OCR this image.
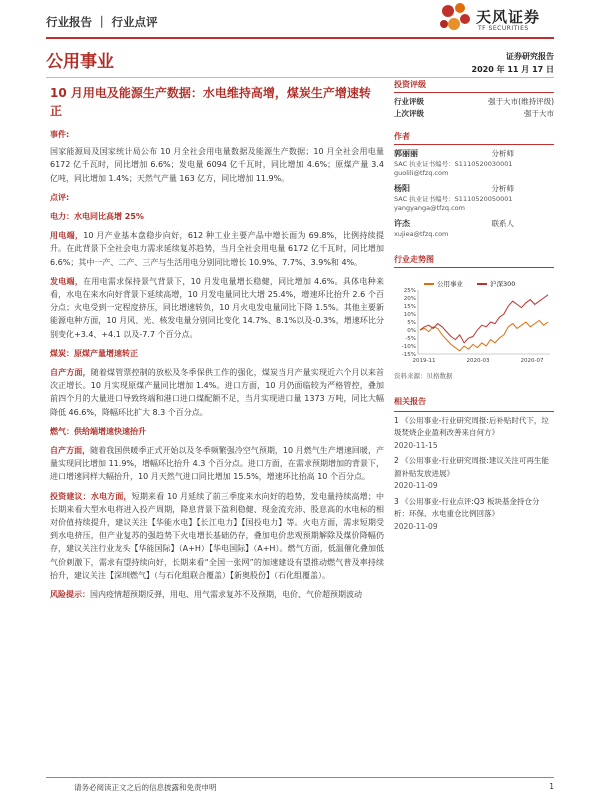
行业报告 ｜ 行业点评	天风证券
TF SECURITIES
公用事业	证券研究报告
2020 年 11 月 17 日
10 月用电及能源生产数据：水电维持高增，煤炭生产增速转正
事件:
国家能源局及国家统计局公布 10 月全社会用电量数据及能源生产数据；10 月全社会用电量 6172 亿千瓦时，同比增加 6.6%；发电量 6094 亿千瓦时，同比增加 4.6%；原煤产量 3.4 亿吨，同比增加 1.4%；天然气产量 163 亿方，同比增加 11.9%。
点评:
电力：水电同比高增 25%
用电端，10 月产业基本盘稳步向好，612 种工业主要产品中增长面为 69.8%，比例持续提升。在此背景下全社会电力需求延续复苏趋势，当月全社会用电量 6172 亿千瓦时，同比增加 6.6%；其中一产、二产、三产与生活用电分别同比增长 10.9%、7.7%、3.9%和 4%。
发电端，在用电需求保持景气背景下，10 月发电量增长稳健，同比增加 4.6%。具体电种来看，水电在来水向好背景下延续高增，10 月发电量同比大增 25.4%，增速环比抬升 2.6 个百分点；火电受到一定程度挤压，同比增速转负，10 月火电发电量同比下降 1.5%。其他主要新能源电种方面，10 月风、光、核发电量分别同比变化 14.7%、8.1%以及-0.3%，增速环比分别变化+3.4、+4.1 以及-7.7 个百分点。
煤炭：原煤产量增速转正
自产方面，随着煤管票控制的放松及冬季保供工作的强化，煤炭当月产量实现近六个月以来首次正增长。10 月实现原煤产量同比增加 1.4%。进口方面，10 月仍面临较为严格管控，叠加前四个月的大量进口导致终端和港口进口煤配额不足，当月实现进口量 1373 万吨，同比大幅降低 46.6%，降幅环比扩大 8.3 个百分点。
燃气：供给端增速快速抬升
自产方面，随着我国供暖季正式开始以及冬季频繁强冷空气预期，10 月燃气生产增速回暖，产量实现同比增加 11.9%，增幅环比抬升 4.3 个百分点。进口方面，在需求预期增加的背景下，进口增速同样大幅抬升，10 月天然气进口同比增加 15.5%，增速环比抬高 10 个百分点。
投资建议：水电方面，短期来看 10 月延续了前三季度来水向好的趋势，发电量持续高增；中长期来看大型水电将进入投产周期，降息背景下盈利稳健、现金流充沛、股息高的水电标的相对价值持续提升，建议关注【华能水电】【长江电力】【国投电力】等。火电方面，需求短期受到水电挤压，但产业复苏的强趋势下火电增长基础仍存，叠加电价悲观预期解除及煤价降幅仍存，建议关注行业龙头【华能国际】（A+H）【华电国际】（A+H）。燃气方面，低温催化叠加低气价刺激下，需求有望持续向好，长期来看“全国一张网”的加速建设有望推动燃气普及率持续抬升，建议关注【深圳燃气】（与石化组联合覆盖）【新奥股份】（石化组覆盖）。
风险提示：国内疫情超预期反弹，用电、用气需求复苏不及预期，电价、气价超预期波动
投资评级
行业评级	强于大市(维持评级)
上次评级	强于大市
作者
郭丽丽	分析师
SAC 执业证书编号：S1110520030001
guolili@tfzq.com
杨阳	分析师
SAC 执业证书编号：S1110520050001
yangyanga@tfzq.com
许杰	联系人
xujiea@tfzq.com
行业走势图
公用事业	沪深300
25%
20%
15%
10%
5%
0%
-5%
-10%
-15%
2019-11	2020-03	2020-07
资料来源：贝格数据
相关报告
1 《公用事业-行业研究周报:后补贴时代下，垃圾焚烧企业盈利改善来自何方》
2020-11-15
2 《公用事业-行业研究周报:建议关注可再生能源补贴发放进展》
2020-11-09
3 《公用事业-行业点评:Q3 板块基金持仓分析：环保、水电重仓比例回落》
2020-11-09
请务必阅读正文之后的信息披露和免责申明	1
